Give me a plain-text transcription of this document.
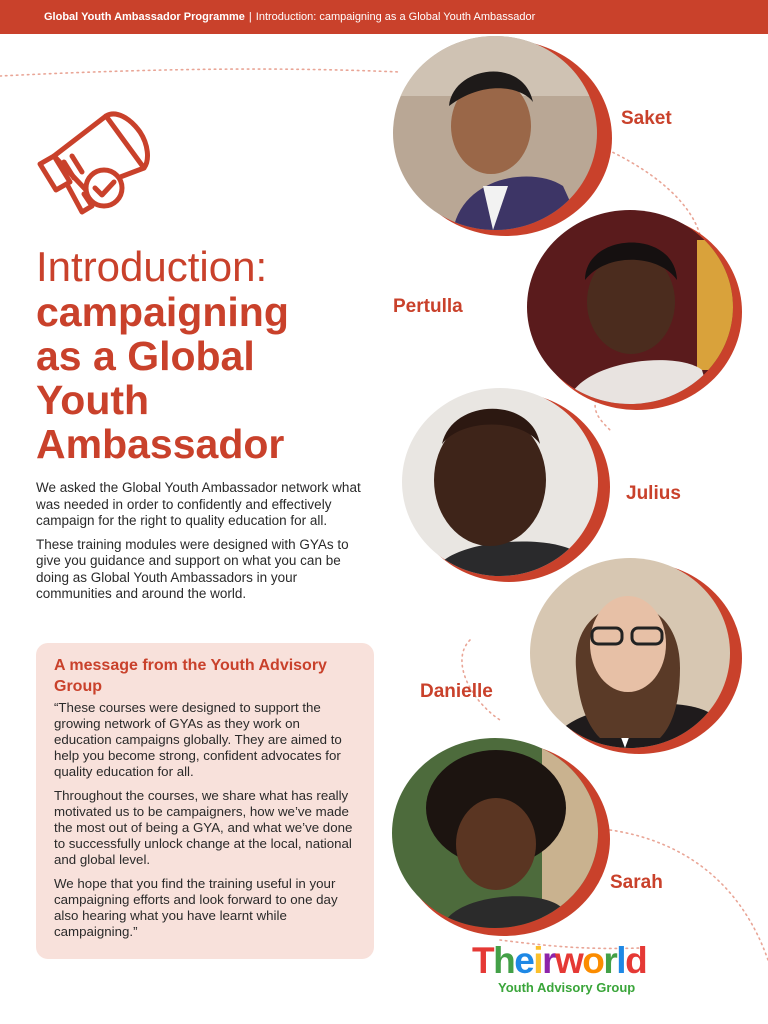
Global Youth Ambassador Programme | Introduction: campaigning as a Global Youth Ambassador
Introduction:
campaigning
as a Global
Youth
Ambassador

We asked the Global Youth Ambassador network what was needed in order to confidently and effectively campaign for the right to quality education for all.

These training modules were designed with GYAs to give you guidance and support on what you can be doing as Global Youth Ambassadors in your communities and around the world.

A message from the Youth Advisory Group

“These courses were designed to support the growing network of GYAs as they work on education campaigns globally. They are aimed to help you become strong, confident advocates for quality education for all.

Throughout the courses, we share what has really motivated us to be campaigners, how we’ve made the most out of being a GYA, and what we’ve done to successfully unlock change at the local, national and global level.

We hope that you find the training useful in your campaigning efforts and look forward to one day also hearing what you have learnt while campaigning.”

Saket
Pertulla
Julius
Danielle
Sarah
Theirworld
Youth Advisory Group
